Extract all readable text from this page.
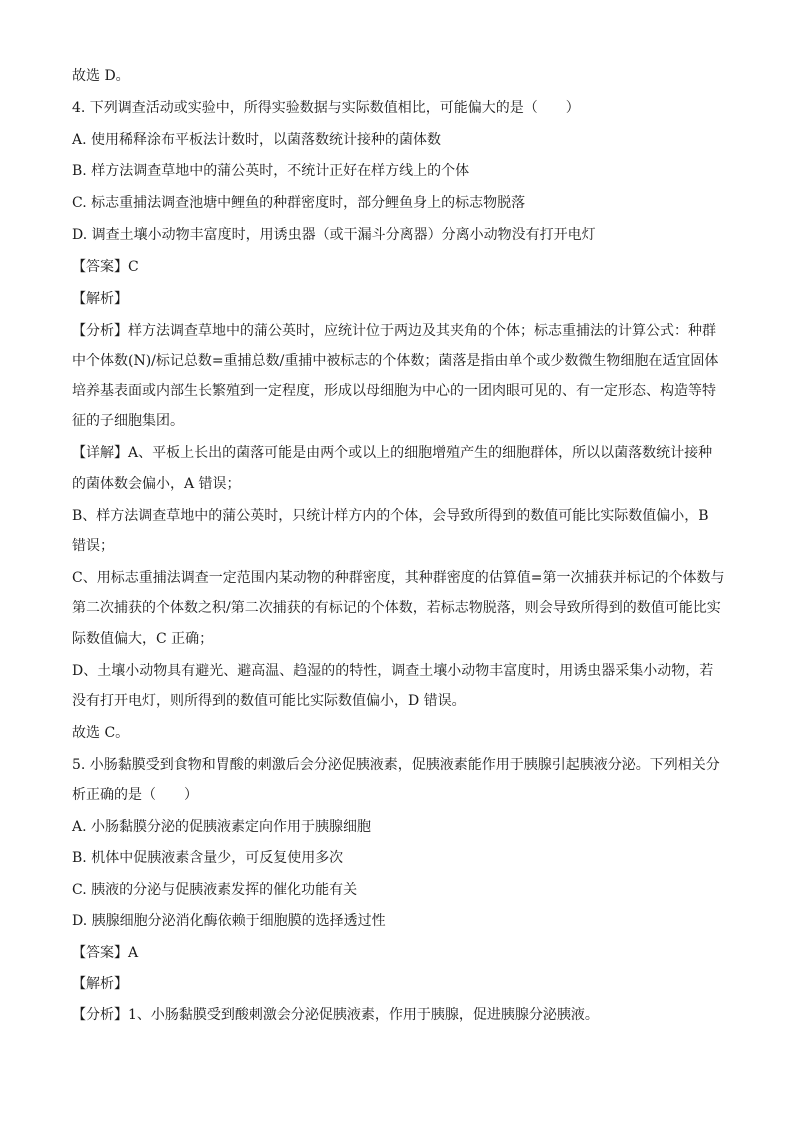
故选 D。
4. 下列调查活动或实验中，所得实验数据与实际数值相比，可能偏大的是（　　）
A. 使用稀释涂布平板法计数时，以菌落数统计接种的菌体数
B. 样方法调查草地中的蒲公英时，不统计正好在样方线上的个体
C. 标志重捕法调查池塘中鲤鱼的种群密度时，部分鲤鱼身上的标志物脱落
D. 调查土壤小动物丰富度时，用诱虫器（或干漏斗分离器）分离小动物没有打开电灯
【答案】C
【解析】
【分析】样方法调查草地中的蒲公英时，应统计位于两边及其夹角的个体；标志重捕法的计算公式：种群
中个体数(N)/标记总数=重捕总数/重捕中被标志的个体数；菌落是指由单个或少数微生物细胞在适宜固体
培养基表面或内部生长繁殖到一定程度，形成以母细胞为中心的一团肉眼可见的、有一定形态、构造等特
征的子细胞集团。
【详解】A、平板上长出的菌落可能是由两个或以上的细胞增殖产生的细胞群体，所以以菌落数统计接种
的菌体数会偏小，A 错误；
B、样方法调查草地中的蒲公英时，只统计样方内的个体，会导致所得到的数值可能比实际数值偏小，B
错误；
C、用标志重捕法调查一定范围内某动物的种群密度，其种群密度的估算值=第一次捕获并标记的个体数与
第二次捕获的个体数之积/第二次捕获的有标记的个体数，若标志物脱落，则会导致所得到的数值可能比实
际数值偏大，C 正确；
D、土壤小动物具有避光、避高温、趋湿的的特性，调查土壤小动物丰富度时，用诱虫器采集小动物，若
没有打开电灯，则所得到的数值可能比实际数值偏小，D 错误。
故选 C。
5. 小肠黏膜受到食物和胃酸的刺激后会分泌促胰液素，促胰液素能作用于胰腺引起胰液分泌。下列相关分
析正确的是（　　）
A. 小肠黏膜分泌的促胰液素定向作用于胰腺细胞
B. 机体中促胰液素含量少，可反复使用多次
C. 胰液的分泌与促胰液素发挥的催化功能有关
D. 胰腺细胞分泌消化酶依赖于细胞膜的选择透过性
【答案】A
【解析】
【分析】1、小肠黏膜受到酸刺激会分泌促胰液素，作用于胰腺，促进胰腺分泌胰液。
